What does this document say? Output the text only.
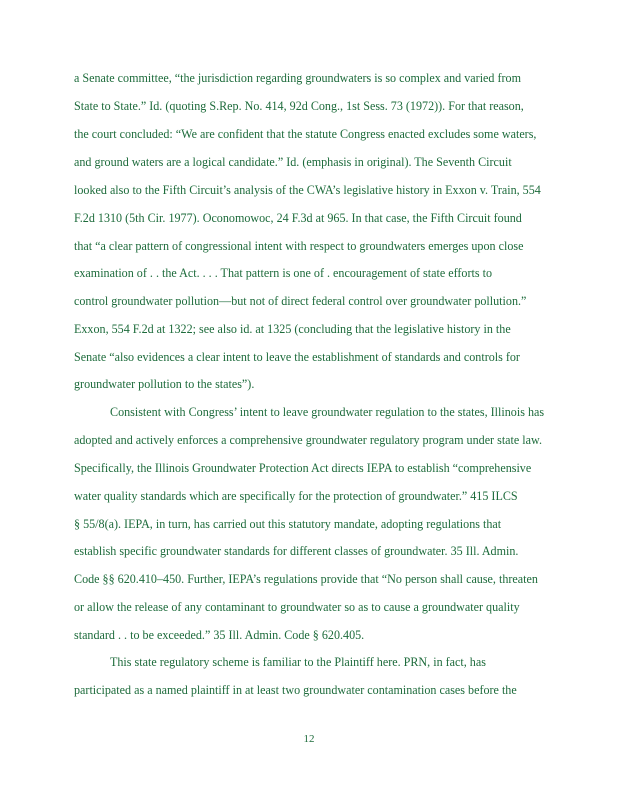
a Senate committee, “the jurisdiction regarding groundwaters is so complex and varied from

State to State.” Id. (quoting S.Rep. No. 414, 92d Cong., 1st Sess. 73 (1972)). For that reason,

the court concluded: “We are confident that the statute Congress enacted excludes some waters,

and ground waters are a logical candidate.” Id. (emphasis in original). The Seventh Circuit

looked also to the Fifth Circuit’s analysis of the CWA’s legislative history in Exxon v. Train, 554

F.2d 1310 (5th Cir. 1977). Oconomowoc, 24 F.3d at 965. In that case, the Fifth Circuit found

that “a clear pattern of congressional intent with respect to groundwaters emerges upon close

examination of . . the Act. . . . That pattern is one of . encouragement of state efforts to

control groundwater pollution—but not of direct federal control over groundwater pollution.”

Exxon, 554 F.2d at 1322; see also id. at 1325 (concluding that the legislative history in the

Senate “also evidences a clear intent to leave the establishment of standards and controls for

groundwater pollution to the states”).

Consistent with Congress’ intent to leave groundwater regulation to the states, Illinois has

adopted and actively enforces a comprehensive groundwater regulatory program under state law.

Specifically, the Illinois Groundwater Protection Act directs IEPA to establish “comprehensive

water quality standards which are specifically for the protection of groundwater.” 415 ILCS

§ 55/8(a). IEPA, in turn, has carried out this statutory mandate, adopting regulations that

establish specific groundwater standards for different classes of groundwater. 35 Ill. Admin.

Code §§ 620.410–450. Further, IEPA’s regulations provide that “No person shall cause, threaten

or allow the release of any contaminant to groundwater so as to cause a groundwater quality

standard . . to be exceeded.” 35 Ill. Admin. Code § 620.405.

This state regulatory scheme is familiar to the Plaintiff here. PRN, in fact, has

participated as a named plaintiff in at least two groundwater contamination cases before the

12
